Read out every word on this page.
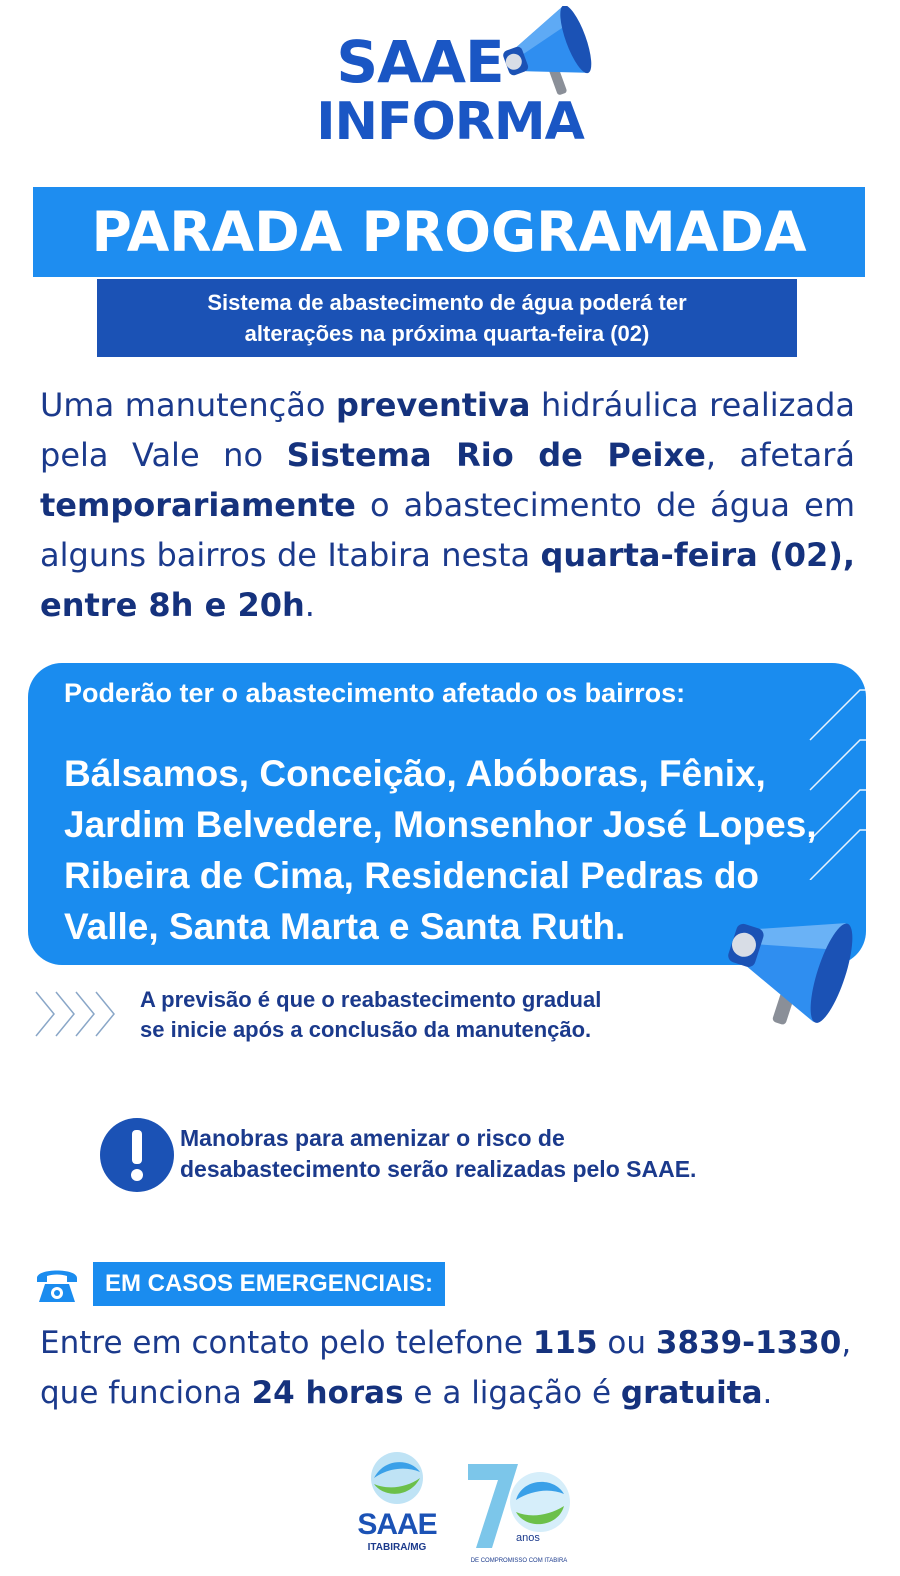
SAAE
INFORMA
PARADA PROGRAMADA
Sistema de abastecimento de água poderá ter
alterações na próxima quarta-feira (02)
Uma manutenção preventiva hidráulica realizada pela Vale no Sistema Rio de Peixe, afetará temporariamente o abastecimento de água em alguns bairros de Itabira nesta quarta-feira (02), entre 8h e 20h.
Poderão ter o abastecimento afetado os bairros:
Bálsamos, Conceição, Abóboras, Fênix, Jardim Belvedere, Monsenhor José Lopes, Ribeira de Cima, Residencial Pedras do Valle, Santa Marta e Santa Ruth.
A previsão é que o reabastecimento gradual
se inicie após a conclusão da manutenção.
Manobras para amenizar o risco de
desabastecimento serão realizadas pelo SAAE.
EM CASOS EMERGENCIAIS:
Entre em contato pelo telefone 115 ou 3839-1330, que funciona 24 horas e a ligação é gratuita.
SAAE
ITABIRA/MG
anos
DE COMPROMISSO COM ITABIRA
